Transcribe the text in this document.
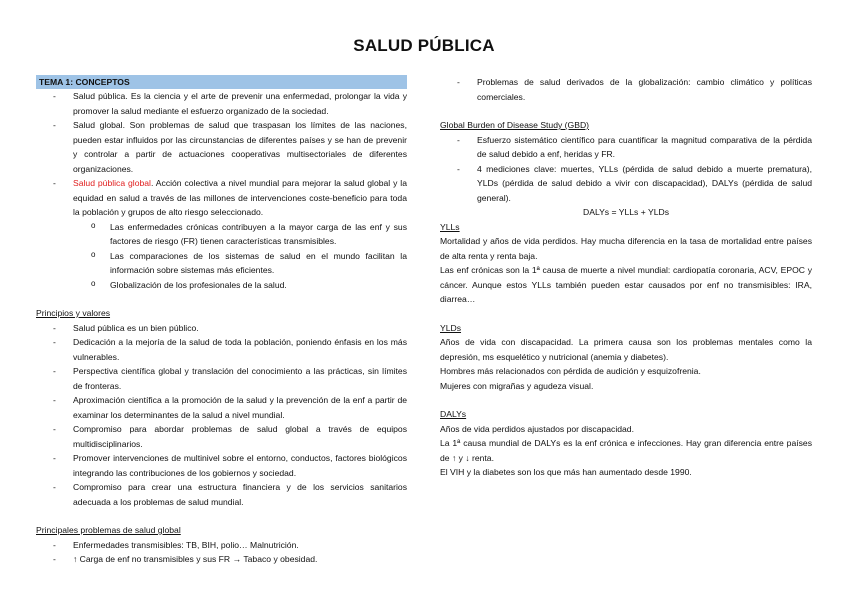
SALUD PÚBLICA
TEMA 1: CONCEPTOS
- Salud pública. Es la ciencia y el arte de prevenir una enfermedad, prolongar la vida y promover la salud mediante el esfuerzo organizado de la sociedad.
- Salud global. Son problemas de salud que traspasan los límites de las naciones, pueden estar influidos por las circunstancias de diferentes países y se han de prevenir y controlar a partir de actuaciones cooperativas multisectoriales de diferentes organizaciones.
- Salud pública global. Acción colectiva a nivel mundial para mejorar la salud global y la equidad en salud a través de las millones de intervenciones coste-beneficio para toda la población y grupos de alto riesgo seleccionado.
o Las enfermedades crónicas contribuyen a la mayor carga de las enf y sus factores de riesgo (FR) tienen características transmisibles.
o Las comparaciones de los sistemas de salud en el mundo facilitan la información sobre sistemas más eficientes.
o Globalización de los profesionales de la salud.
Principios y valores
- Salud pública es un bien público.
- Dedicación a la mejoría de la salud de toda la población, poniendo énfasis en los más vulnerables.
- Perspectiva científica global y translación del conocimiento a las prácticas, sin límites de fronteras.
- Aproximación científica a la promoción de la salud y la prevención de la enf a partir de examinar los determinantes de la salud a nivel mundial.
- Compromiso para abordar problemas de salud global a través de equipos multidisciplinarios.
- Promover intervenciones de multinivel sobre el entorno, conductos, factores biológicos integrando las contribuciones de los gobiernos y sociedad.
- Compromiso para crear una estructura financiera y de los servicios sanitarios adecuada a los problemas de salud mundial.
Principales problemas de salud global
- Enfermedades transmisibles: TB, BIH, polio… Malnutrición.
- ↑ Carga de enf no transmisibles y sus FR → Tabaco y obesidad.
- Problemas de salud derivados de la globalización: cambio climático y políticas comerciales.
Global Burden of Disease Study (GBD)
- Esfuerzo sistemático científico para cuantificar la magnitud comparativa de la pérdida de salud debido a enf, heridas y FR.
- 4 mediciones clave: muertes, YLLs (pérdida de salud debido a muerte prematura), YLDs (pérdida de salud debido a vivir con discapacidad), DALYs (pérdida de salud general).
DALYs = YLLs + YLDs
YLLs

Mortalidad y años de vida perdidos. Hay mucha diferencia en la tasa de mortalidad entre países de alta renta y renta baja.

Las enf crónicas son la 1ª causa de muerte a nivel mundial: cardiopatía coronaria, ACV, EPOC y cáncer. Aunque estos YLLs también pueden estar causados por enf no transmisibles: IRA, diarrea…

YLDs

Años de vida con discapacidad. La primera causa son los problemas mentales como la depresión, ms esquelético y nutricional (anemia y diabetes).

Hombres más relacionados con pérdida de audición y esquizofrenia.

Mujeres con migrañas y agudeza visual.

DALYs

Años de vida perdidos ajustados por discapacidad.

La 1ª causa mundial de DALYs es la enf crónica e infecciones. Hay gran diferencia entre países de ↑ y ↓ renta.

El VIH y la diabetes son los que más han aumentado desde 1990.
